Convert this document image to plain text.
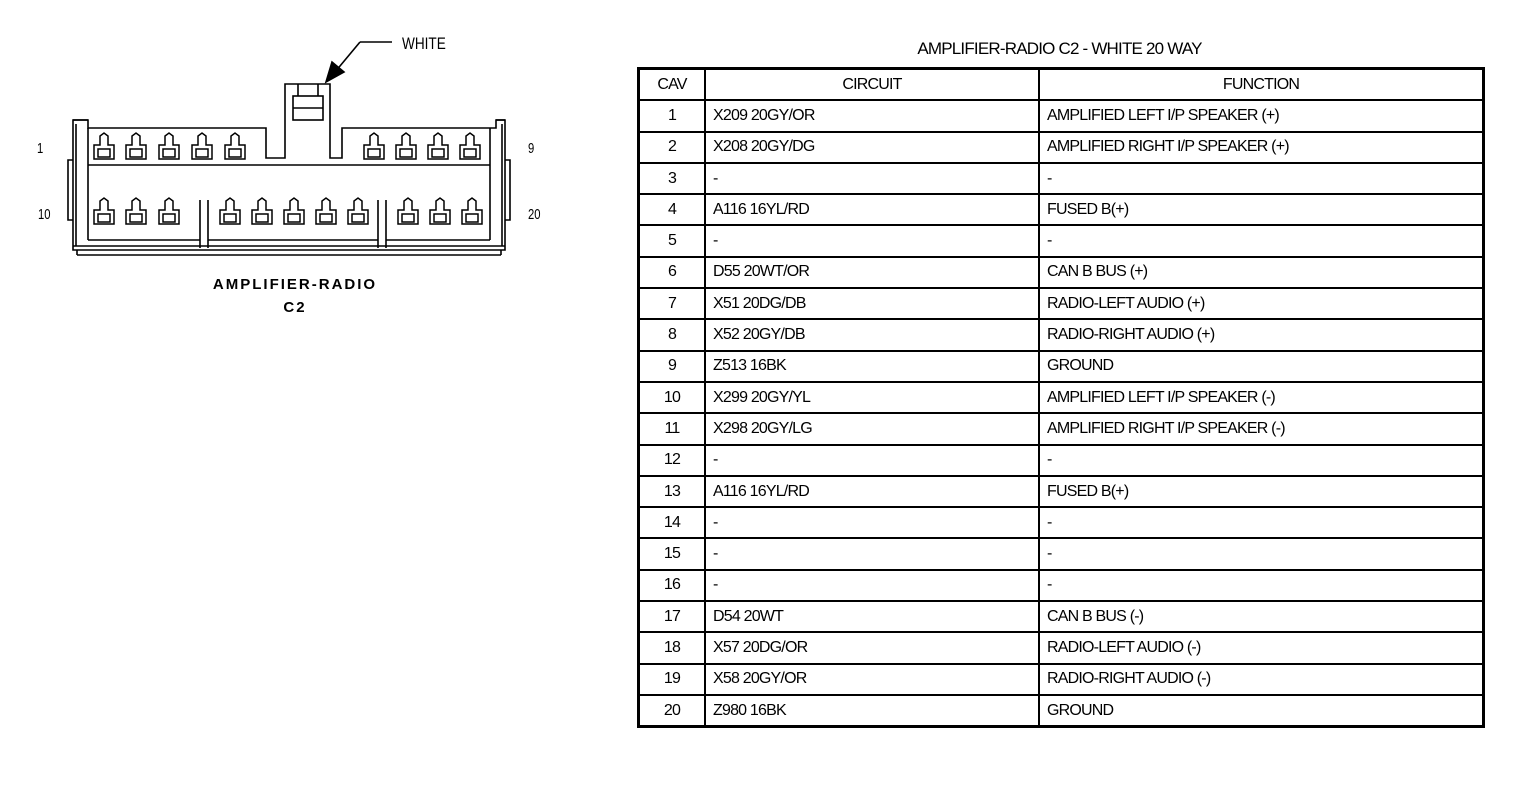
WHITE
1	9
10	20
AMPLIFIER-RADIO
C2
AMPLIFIER-RADIO C2 - WHITE 20 WAY
CAV	CIRCUIT	FUNCTION
1	X209 20GY/OR	AMPLIFIED LEFT I/P SPEAKER (+)
2	X208 20GY/DG	AMPLIFIED RIGHT I/P SPEAKER (+)
3	-	-
4	A116 16YL/RD	FUSED B(+)
5	-	-
6	D55 20WT/OR	CAN B BUS (+)
7	X51 20DG/DB	RADIO-LEFT AUDIO (+)
8	X52 20GY/DB	RADIO-RIGHT AUDIO (+)
9	Z513 16BK	GROUND
10	X299 20GY/YL	AMPLIFIED LEFT I/P SPEAKER (-)
11	X298 20GY/LG	AMPLIFIED RIGHT I/P SPEAKER (-)
12	-	-
13	A116 16YL/RD	FUSED B(+)
14	-	-
15	-	-
16	-	-
17	D54 20WT	CAN B BUS (-)
18	X57 20DG/OR	RADIO-LEFT AUDIO (-)
19	X58 20GY/OR	RADIO-RIGHT AUDIO (-)
20	Z980 16BK	GROUND
